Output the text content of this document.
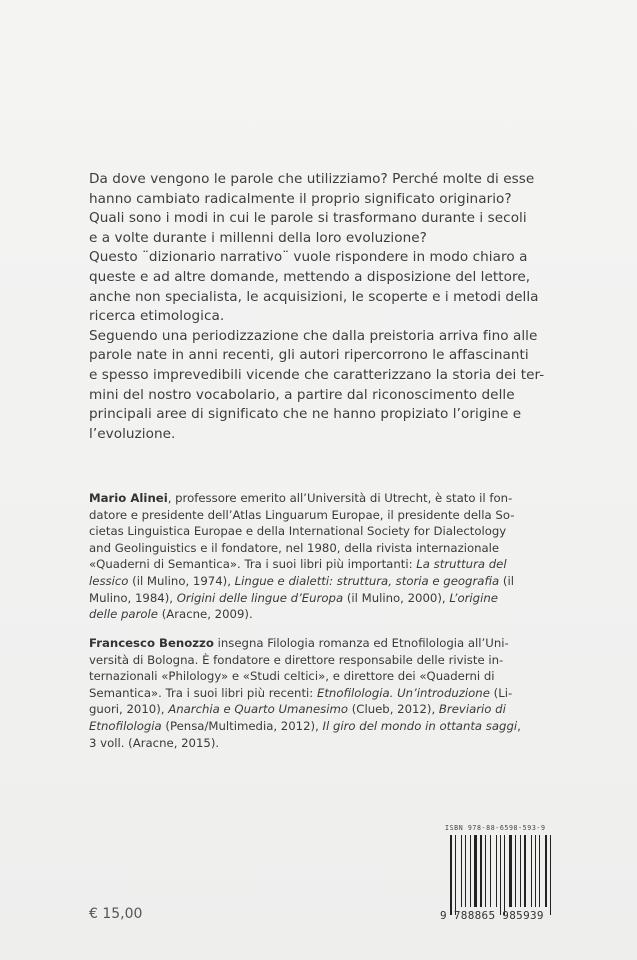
Da dove vengono le parole che utilizziamo? Perché molte di esse
hanno cambiato radicalmente il proprio significato originario?
Quali sono i modi in cui le parole si trasformano durante i secoli
e a volte durante i millenni della loro evoluzione?
Questo ¨dizionario narrativo¨ vuole rispondere in modo chiaro a
queste e ad altre domande, mettendo a disposizione del lettore,
anche non specialista, le acquisizioni, le scoperte e i metodi della
ricerca etimologica.
Seguendo una periodizzazione che dalla preistoria arriva fino alle
parole nate in anni recenti, gli autori ripercorrono le affascinanti
e spesso imprevedibili vicende che caratterizzano la storia dei ter-
mini del nostro vocabolario, a partire dal riconoscimento delle
principali aree di significato che ne hanno propiziato l’origine e
l’evoluzione.
Mario Alinei, professore emerito all’Università di Utrecht, è stato il fon-
datore e presidente dell’Atlas Linguarum Europae, il presidente della So-
cietas Linguistica Europae e della International Society for Dialectology
and Geolinguistics e il fondatore, nel 1980, della rivista internazionale
«Quaderni di Semantica». Tra i suoi libri più importanti: La struttura del
lessico (il Mulino, 1974), Lingue e dialetti: struttura, storia e geografia (il
Mulino, 1984), Origini delle lingue d’Europa (il Mulino, 2000), L’origine
delle parole (Aracne, 2009).
Francesco Benozzo insegna Filologia romanza ed Etnofilologia all’Uni-
versità di Bologna. È fondatore e direttore responsabile delle riviste in-
ternazionali «Philology» e «Studi celtici», e direttore dei «Quaderni di
Semantica». Tra i suoi libri più recenti: Etnofilologia. Un’introduzione (Li-
guori, 2010), Anarchia e Quarto Umanesimo (Clueb, 2012), Breviario di
Etnofilologia (Pensa/Multimedia, 2012), Il giro del mondo in ottanta saggi,
3 voll. (Aracne, 2015).
ISBN 978-88-6598-593-9
9 788865 985939
€ 15,00
